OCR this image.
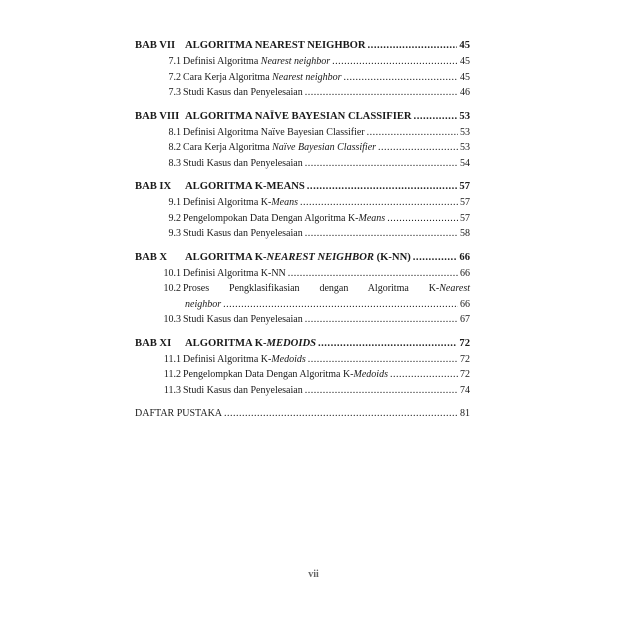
BAB VII ALGORITMA NEAREST NEIGHBOR .....	45
7.1 Definisi Algoritma Nearest neighbor .....	45
7.2 Cara Kerja Algoritma Nearest neighbor .....	45
7.3 Studi Kasus dan Penyelesaian .....	46
BAB VIII ALGORITMA NAÏVE BAYESIAN CLASSIFIER .....	53
8.1 Definisi Algoritma Naïve Bayesian Classifier .....	53
8.2 Cara Kerja Algoritma Naïve Bayesian Classifier .....	53
8.3 Studi Kasus dan Penyelesaian .....	54
BAB IX	ALGORITMA K-MEANS .....	57
9.1 Definisi Algoritma K-Means .....	57
9.2 Pengelompokan Data Dengan Algoritma K-Means .....	57
9.3 Studi Kasus dan Penyelesaian .....	58
BAB X	ALGORITMA K-NEAREST NEIGHBOR (K-NN) .....	66
10.1 Definisi Algoritma K-NN .....	66
10.2 Proses Pengklasifikasian dengan Algoritma K-Nearest
neighbor .....	66
10.3 Studi Kasus dan Penyelesaian .....	67
BAB XI	ALGORITMA K-MEDOIDS .....	72
11.1 Definisi Algoritma K-Medoids .....	72
11.2 Pengelompkan Data Dengan Algoritma K-Medoids .....	72
11.3 Studi Kasus dan Penyelesaian .....	74
DAFTAR PUSTAKA .....	81
vii
